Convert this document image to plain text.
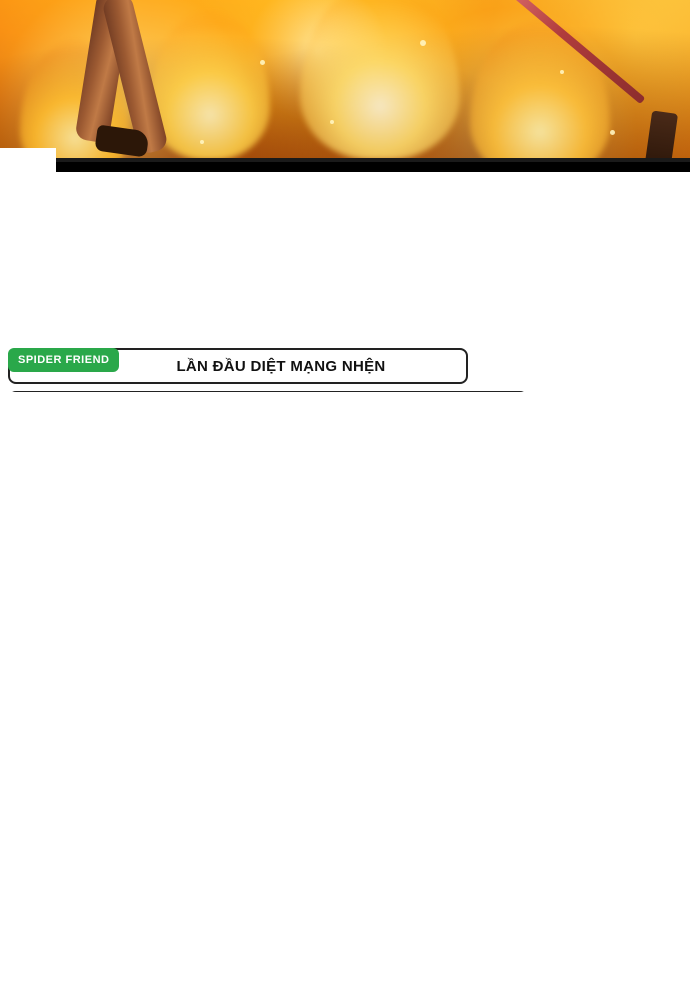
SPIDER FRIEND	LẦN ĐẦU DIỆT MẠNG NHỆN
